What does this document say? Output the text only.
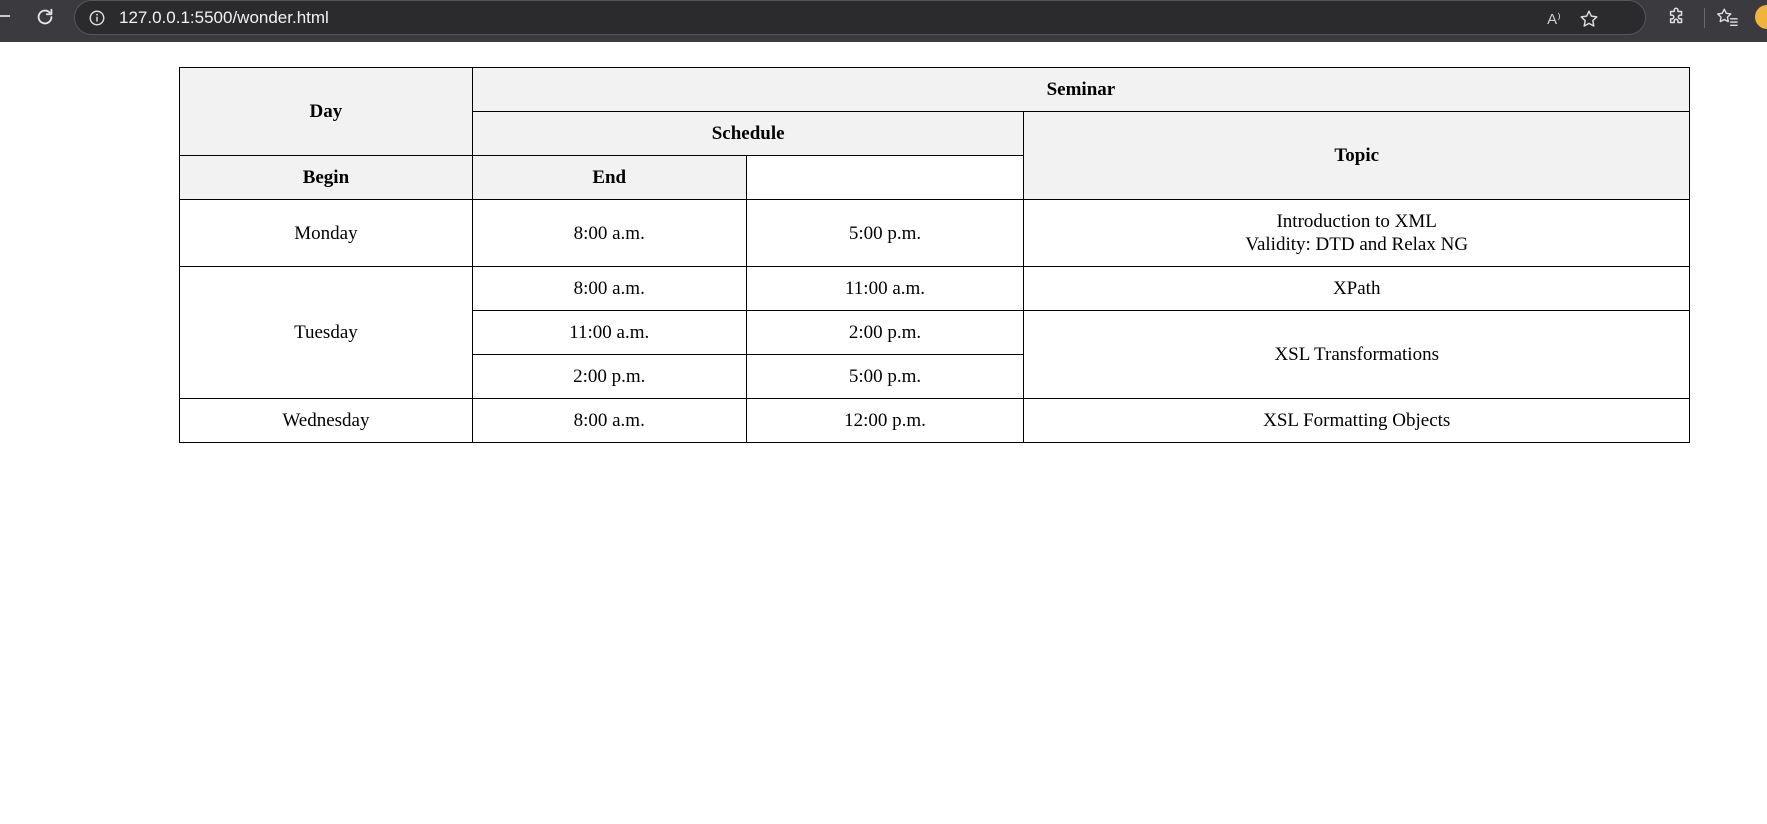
127.0.0.1:5500/wonder.html	A⁾
Day	Seminar		
	Schedule		Topic
Begin	End		
Monday	8:00 a.m.	5:00 p.m.	Introduction to XML
Validity: DTD and Relax NG
Tuesday	8:00 a.m.	11:00 a.m.	XPath
	11:00 a.m.	2:00 p.m.	XSL Transformations
	2:00 p.m.	5:00 p.m.	
Wednesday	8:00 a.m.	12:00 p.m.	XSL Formatting Objects
